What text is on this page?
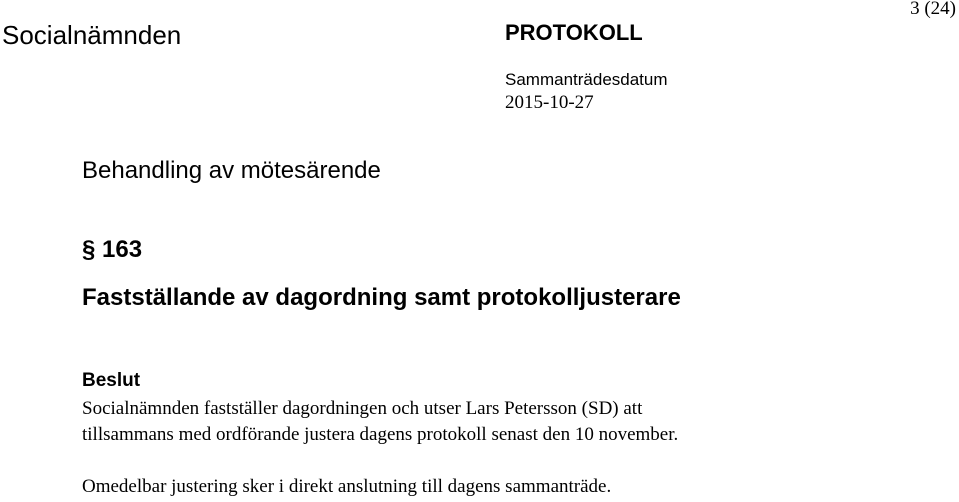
Socialnämnden	PROTOKOLL
3 (24)
Sammanträdesdatum
2015-10-27
Behandling av mötesärende
§ 163
Fastställande av dagordning samt protokolljusterare
Beslut
Socialnämnden fastställer dagordningen och utser Lars Petersson (SD) att
tillsammans med ordförande justera dagens protokoll senast den 10 november.
Omedelbar justering sker i direkt anslutning till dagens sammanträde.
